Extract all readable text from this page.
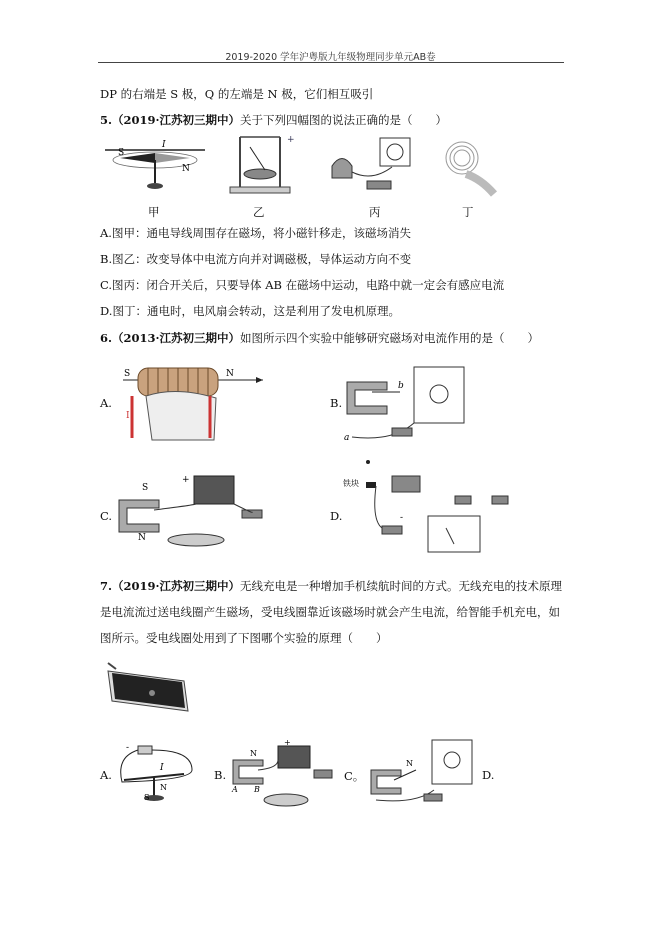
2019-2020 学年沪粤版九年级物理同步单元AB卷
DP 的右端是 S 极，Q 的左端是 N 极，它们相互吸引
5.（2019·江苏初三期中）关于下列四幅图的说法正确的是（　　）
S
N
I	+
甲	乙	丙	丁
A.图甲：通电导线周围存在磁场，将小磁针移走，该磁场消失
B.图乙：改变导体中电流方向并对调磁极，导体运动方向不变
C.图丙：闭合开关后，只要导体 AB 在磁场中运动，电路中就一定会有感应电流
D.图丁：通电时，电风扇会转动，这是利用了发电机原理。
6.（2013·江苏初三期中）如图所示四个实验中能够研究磁场对电流作用的是（　　）
A.
S	N
I
B.
a
b
C.
S
N
+
D.
铁块
-
7.（2019·江苏初三期中）无线充电是一种增加手机续航时间的方式。无线充电的技术原理
是电流流过送电线圈产生磁场，受电线圈靠近该磁场时就会产生电流，给智能手机充电，如
图所示。受电线圈处用到了下图哪个实验的原理（　　）
A.
-
I
S
N
B.
N
A B
+
C。
N
D.
